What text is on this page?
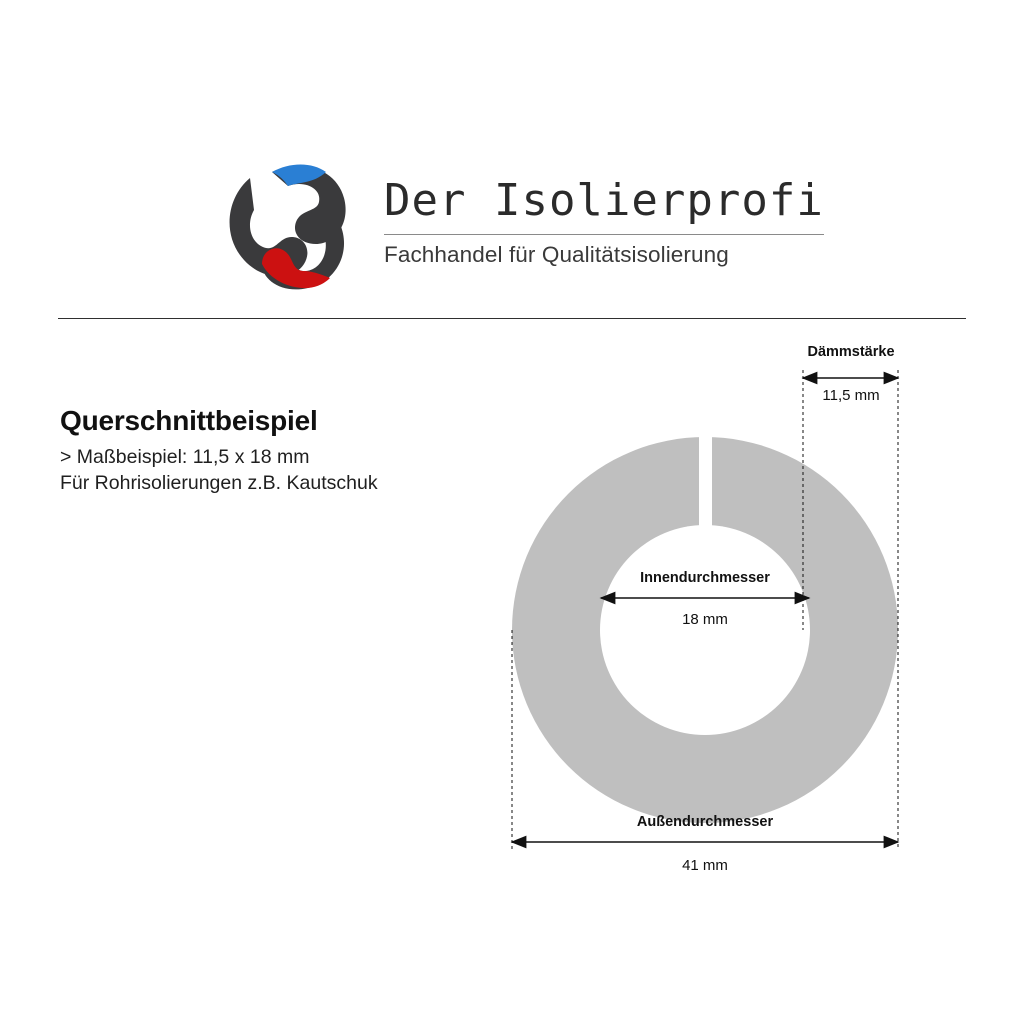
Der Isolierprofi
Fachhandel für Qualitätsisolierung
Querschnittbeispiel
> Maßbeispiel: 11,5 x 18 mm
Für Rohrisolierungen z.B. Kautschuk
Dämmstärke
11,5 mm
Innendurchmesser
18 mm
Außendurchmesser
41 mm
